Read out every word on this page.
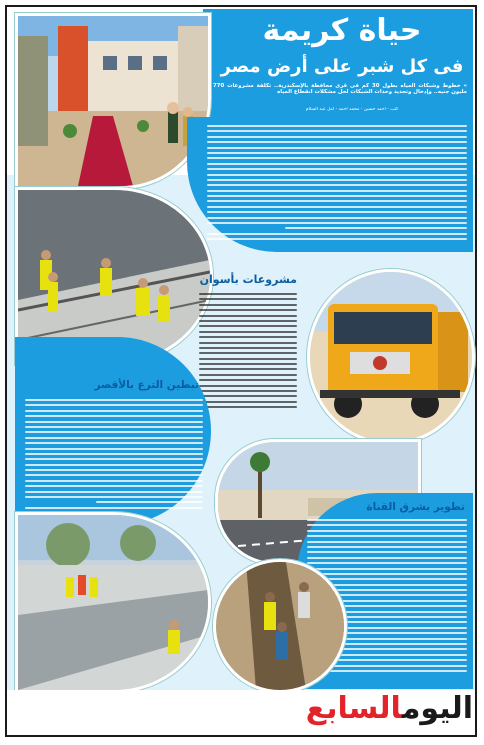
حياة كريمة
فى كل شبر على أرض مصر
» خطوط وشبكات المياه بطول 30 كم فى قرى محافظة بالإسكندرية.. تكلفة مشروعات 770 مليون جنيه.. وإدخال وتجديد وحدات الشبكات لحل مشكلات انقطاع المياه
كتب - أحمد حسين - محمد أحمد - أمل عبد السلام
مشروعات بأسوان
تبطين الترع بالأقصر
تطوير بشرق القناة
اليومالسابع
